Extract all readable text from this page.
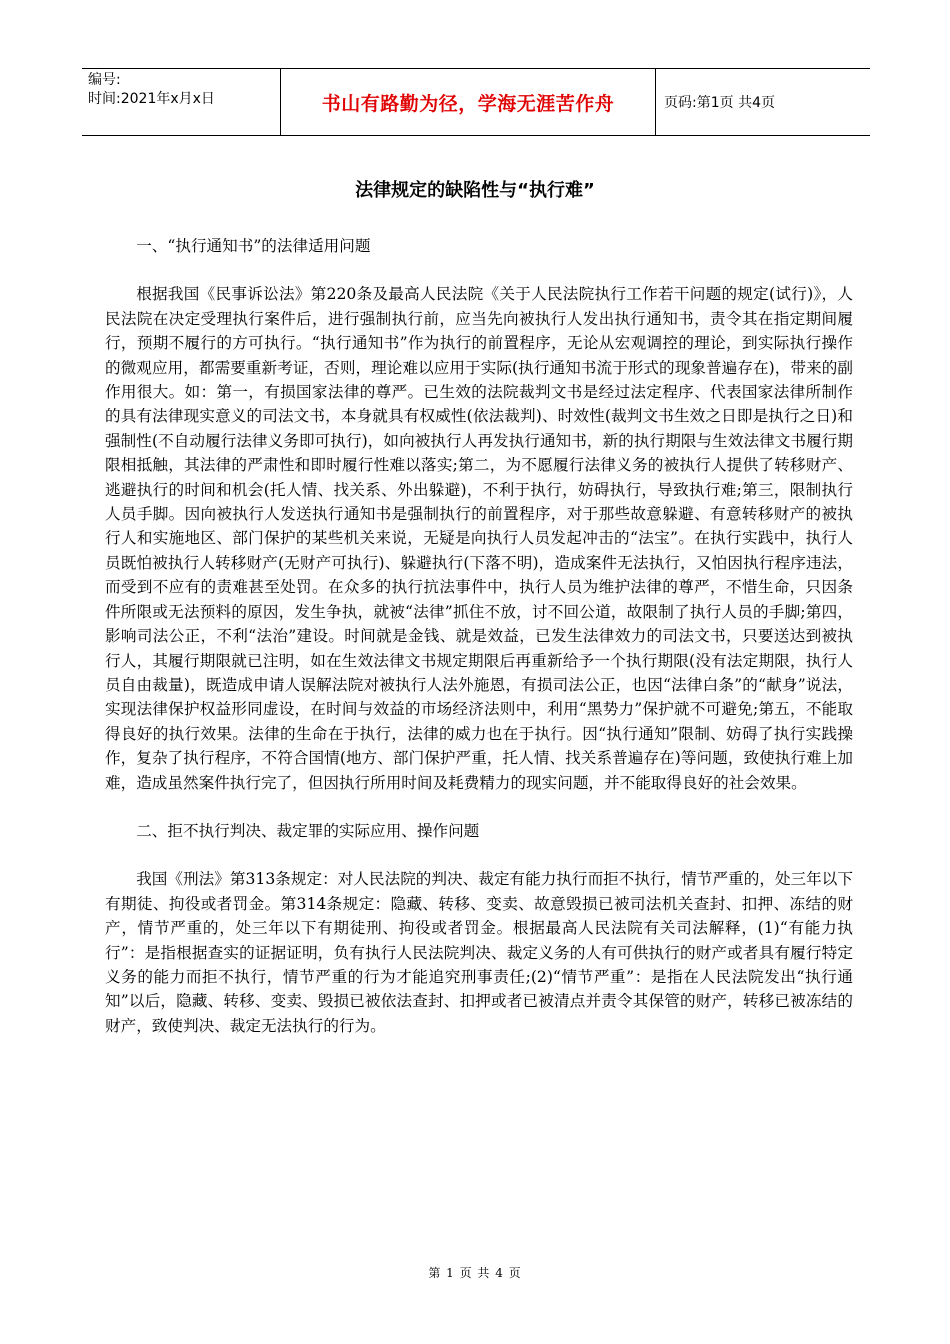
编号:
时间:2021年x月x日	书山有路勤为径，学海无涯苦作舟	页码:第1页 共4页
法律规定的缺陷性与“执行难”

一、“执行通知书”的法律适用问题

根据我国《民事诉讼法》第220条及最高人民法院《关于人民法院执行工作若干问题的规定(试行)》，人民法院在决定受理执行案件后，进行强制执行前，应当先向被执行人发出执行通知书，责令其在指定期间履行，预期不履行的方可执行。“执行通知书”作为执行的前置程序，无论从宏观调控的理论，到实际执行操作的微观应用，都需要重新考证，否则，理论难以应用于实际(执行通知书流于形式的现象普遍存在)，带来的副作用很大。如：第一，有损国家法律的尊严。已生效的法院裁判文书是经过法定程序、代表国家法律所制作的具有法律现实意义的司法文书，本身就具有权威性(依法裁判)、时效性(裁判文书生效之日即是执行之日)和强制性(不自动履行法律义务即可执行)，如向被执行人再发执行通知书，新的执行期限与生效法律文书履行期限相抵触，其法律的严肃性和即时履行性难以落实;第二，为不愿履行法律义务的被执行人提供了转移财产、逃避执行的时间和机会(托人情、找关系、外出躲避)，不利于执行，妨碍执行，导致执行难;第三，限制执行人员手脚。因向被执行人发送执行通知书是强制执行的前置程序，对于那些故意躲避、有意转移财产的被执行人和实施地区、部门保护的某些机关来说，无疑是向执行人员发起冲击的“法宝”。在执行实践中，执行人员既怕被执行人转移财产(无财产可执行)、躲避执行(下落不明)，造成案件无法执行，又怕因执行程序违法，而受到不应有的责难甚至处罚。在众多的执行抗法事件中，执行人员为维护法律的尊严，不惜生命，只因条件所限或无法预料的原因，发生争执，就被“法律”抓住不放，讨不回公道，故限制了执行人员的手脚;第四，影响司法公正，不利“法治”建设。时间就是金钱、就是效益，已发生法律效力的司法文书，只要送达到被执行人，其履行期限就已注明，如在生效法律文书规定期限后再重新给予一个执行期限(没有法定期限，执行人员自由裁量)，既造成申请人误解法院对被执行人法外施恩，有损司法公正，也因“法律白条”的“献身”说法，实现法律保护权益形同虚设，在时间与效益的市场经济法则中，利用“黑势力”保护就不可避免;第五，不能取得良好的执行效果。法律的生命在于执行，法律的威力也在于执行。因“执行通知”限制、妨碍了执行实践操作，复杂了执行程序，不符合国情(地方、部门保护严重，托人情、找关系普遍存在)等问题，致使执行难上加难，造成虽然案件执行完了，但因执行所用时间及耗费精力的现实问题，并不能取得良好的社会效果。

二、拒不执行判决、裁定罪的实际应用、操作问题

我国《刑法》第313条规定：对人民法院的判决、裁定有能力执行而拒不执行，情节严重的，处三年以下有期徒、拘役或者罚金。第314条规定：隐藏、转移、变卖、故意毁损已被司法机关查封、扣押、冻结的财产，情节严重的，处三年以下有期徒刑、拘役或者罚金。根据最高人民法院有关司法解释，(1)“有能力执行”：是指根据查实的证据证明，负有执行人民法院判决、裁定义务的人有可供执行的财产或者具有履行特定义务的能力而拒不执行，情节严重的行为才能追究刑事责任;(2)“情节严重”：是指在人民法院发出“执行通知”以后，隐藏、转移、变卖、毁损已被依法查封、扣押或者已被清点并责令其保管的财产，转移已被冻结的财产，致使判决、裁定无法执行的行为。

第 1 页 共 4 页
